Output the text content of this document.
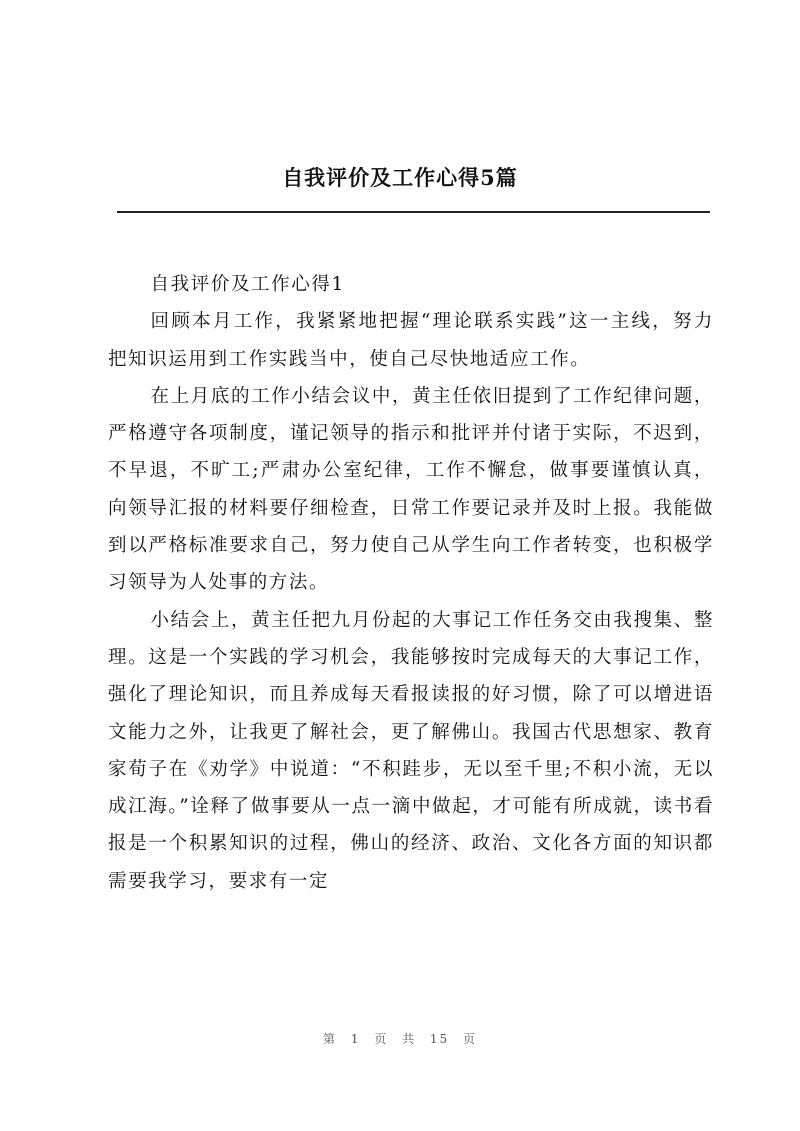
自我评价及工作心得5篇

自我评价及工作心得1

回顾本月工作，我紧紧地把握“理论联系实践”这一主线，努力把知识运用到工作实践当中，使自己尽快地适应工作。

在上月底的工作小结会议中，黄主任依旧提到了工作纪律问题，严格遵守各项制度，谨记领导的指示和批评并付诸于实际，不迟到，不早退，不旷工;严肃办公室纪律，工作不懈怠，做事要谨慎认真，向领导汇报的材料要仔细检查，日常工作要记录并及时上报。我能做到以严格标准要求自己，努力使自己从学生向工作者转变，也积极学习领导为人处事的方法。

小结会上，黄主任把九月份起的大事记工作任务交由我搜集、整理。这是一个实践的学习机会，我能够按时完成每天的大事记工作，强化了理论知识，而且养成每天看报读报的好习惯，除了可以增进语文能力之外，让我更了解社会，更了解佛山。我国古代思想家、教育家荀子在《劝学》中说道：“不积跬步，无以至千里;不积小流，无以成江海。”诠释了做事要从一点一滴中做起，才可能有所成就，读书看报是一个积累知识的过程，佛山的经济、政治、文化各方面的知识都需要我学习，要求有一定

第 1 页 共 15 页
